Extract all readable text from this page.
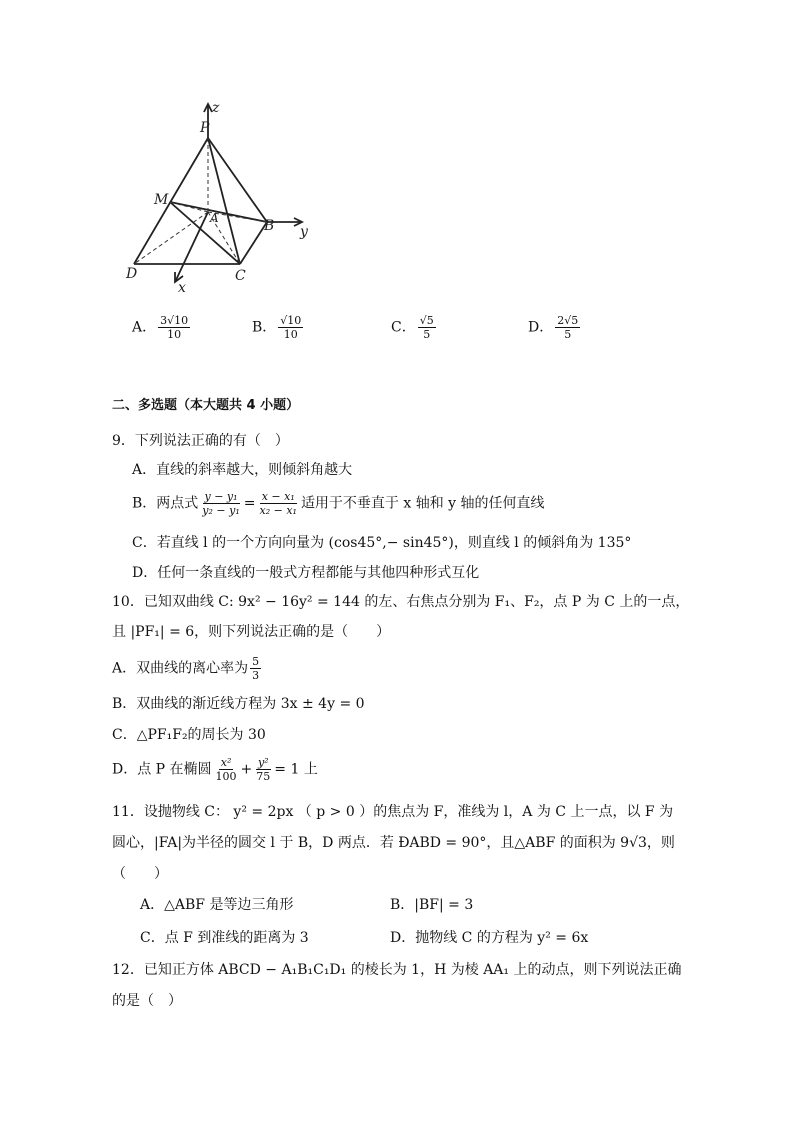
z
P
M
A	B y
D	C
x
A． $\frac{3√10}{10}$	B． $\frac{√10}{10}$	C． $\frac{√5}{5}$	D． $\frac{2√5}{5}$
二、多选题（本大题共 4 小题）
9．下列说法正确的有（　）
A．直线的斜率越大，则倾斜角越大
B．两点式 $\frac{\text{y − y₁}}{\text{y₂ − y₁}} = \frac{\text{x − x₁}}{\text{x₂ − x₁}}$ 适用于不垂直于 x 轴和 y 轴的任何直线
C．若直线 l 的一个方向向量为 (cos45°,− sin45°)，则直线 l 的倾斜角为 135°
D．任何一条直线的一般式方程都能与其他四种形式互化
10．已知双曲线 C: 9x² − 16y² = 144 的左、右焦点分别为 F₁、F₂，点 P 为 C 上的一点，
且 |PF₁| = 6，则下列说法正确的是（　　）
A．双曲线的离心率为 $\frac{5}{3}$
B．双曲线的渐近线方程为 3x ± 4y = 0
C．△PF₁F₂的周长为 30
D．点 P 在椭圆 $\frac{\text{x²}}{100} + \frac{\text{y²}}{75} = 1$ 上
11．设抛物线 C： y² = 2px （ p > 0 ）的焦点为 F，准线为 l，A 为 C 上一点，以 F 为
圆心，|FA|为半径的圆交 l 于 B，D 两点．若 ÐABD = 90°，且△ABF 的面积为 9√3，则
（　　）
A．△ABF 是等边三角形	B．|BF| = 3
C．点 F 到准线的距离为 3	D．抛物线 C 的方程为 y² = 6x
12．已知正方体 ABCD − A₁B₁C₁D₁ 的棱长为 1，H 为棱 AA₁ 上的动点，则下列说法正确
的是（　）
